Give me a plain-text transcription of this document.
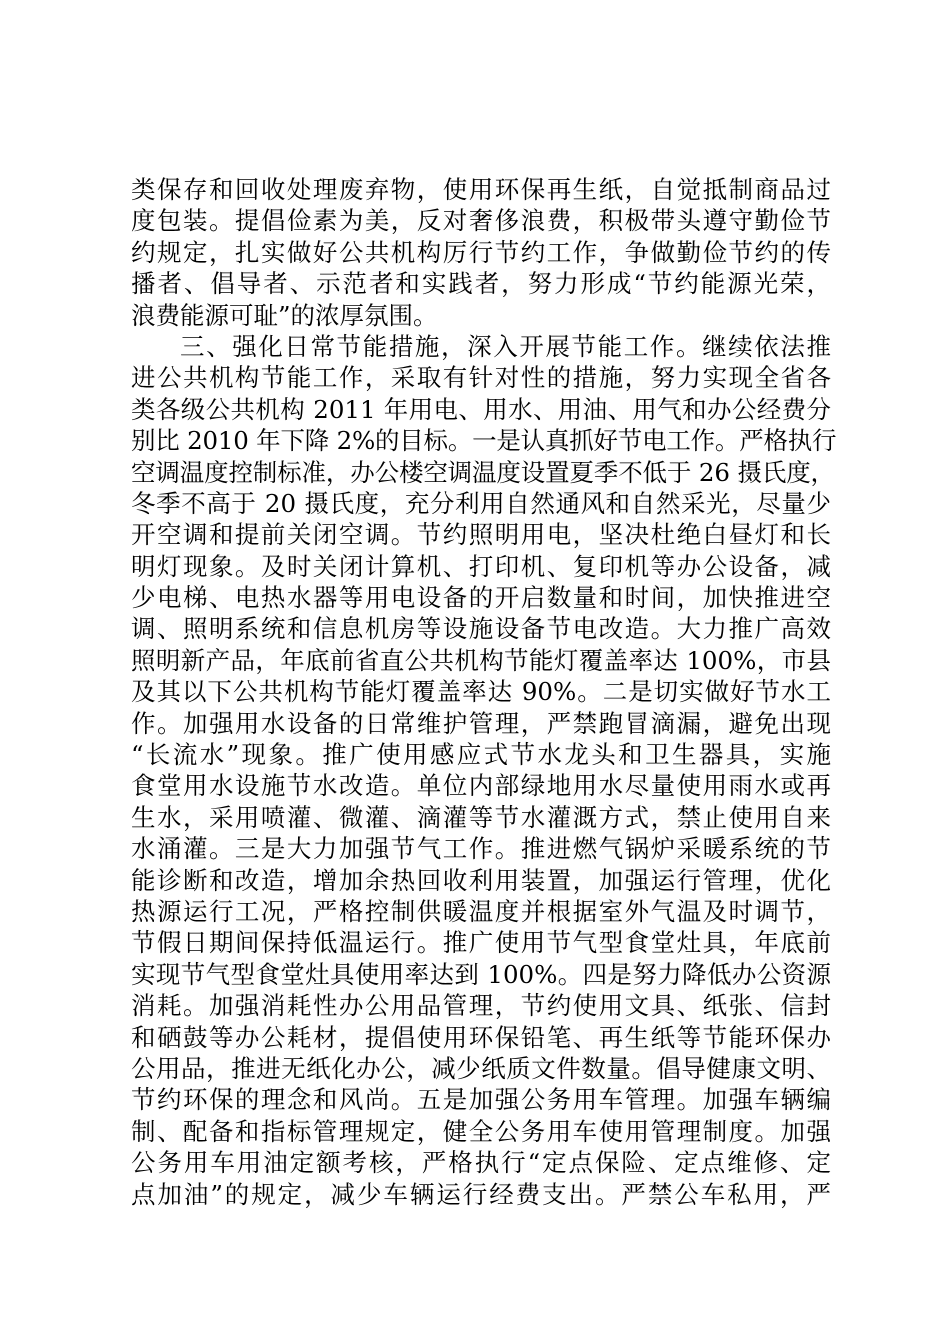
类保存和回收处理废弃物，使用环保再生纸，自觉抵制商品过
度包装。提倡俭素为美，反对奢侈浪费，积极带头遵守勤俭节
约规定，扎实做好公共机构厉行节约工作，争做勤俭节约的传
播者、倡导者、示范者和实践者，努力形成“节约能源光荣，
浪费能源可耻”的浓厚氛围。
三、强化日常节能措施，深入开展节能工作。继续依法推
进公共机构节能工作，采取有针对性的措施，努力实现全省各
类各级公共机构 2011 年用电、用水、用油、用气和办公经费分
别比 2010 年下降 2%的目标。一是认真抓好节电工作。严格执行
空调温度控制标准，办公楼空调温度设置夏季不低于 26 摄氏度，
冬季不高于 20 摄氏度，充分利用自然通风和自然采光，尽量少
开空调和提前关闭空调。节约照明用电，坚决杜绝白昼灯和长
明灯现象。及时关闭计算机、打印机、复印机等办公设备，减
少电梯、电热水器等用电设备的开启数量和时间，加快推进空
调、照明系统和信息机房等设施设备节电改造。大力推广高效
照明新产品，年底前省直公共机构节能灯覆盖率达 100%，市县
及其以下公共机构节能灯覆盖率达 90%。二是切实做好节水工
作。加强用水设备的日常维护管理，严禁跑冒滴漏，避免出现
“长流水”现象。推广使用感应式节水龙头和卫生器具，实施
食堂用水设施节水改造。单位内部绿地用水尽量使用雨水或再
生水，采用喷灌、微灌、滴灌等节水灌溉方式，禁止使用自来
水涌灌。三是大力加强节气工作。推进燃气锅炉采暖系统的节
能诊断和改造，增加余热回收利用装置，加强运行管理，优化
热源运行工况，严格控制供暖温度并根据室外气温及时调节，
节假日期间保持低温运行。推广使用节气型食堂灶具，年底前
实现节气型食堂灶具使用率达到 100%。四是努力降低办公资源
消耗。加强消耗性办公用品管理，节约使用文具、纸张、信封
和硒鼓等办公耗材，提倡使用环保铅笔、再生纸等节能环保办
公用品，推进无纸化办公，减少纸质文件数量。倡导健康文明、
节约环保的理念和风尚。五是加强公务用车管理。加强车辆编
制、配备和指标管理规定，健全公务用车使用管理制度。加强
公务用车用油定额考核，严格执行“定点保险、定点维修、定
点加油”的规定，减少车辆运行经费支出。严禁公车私用，严
